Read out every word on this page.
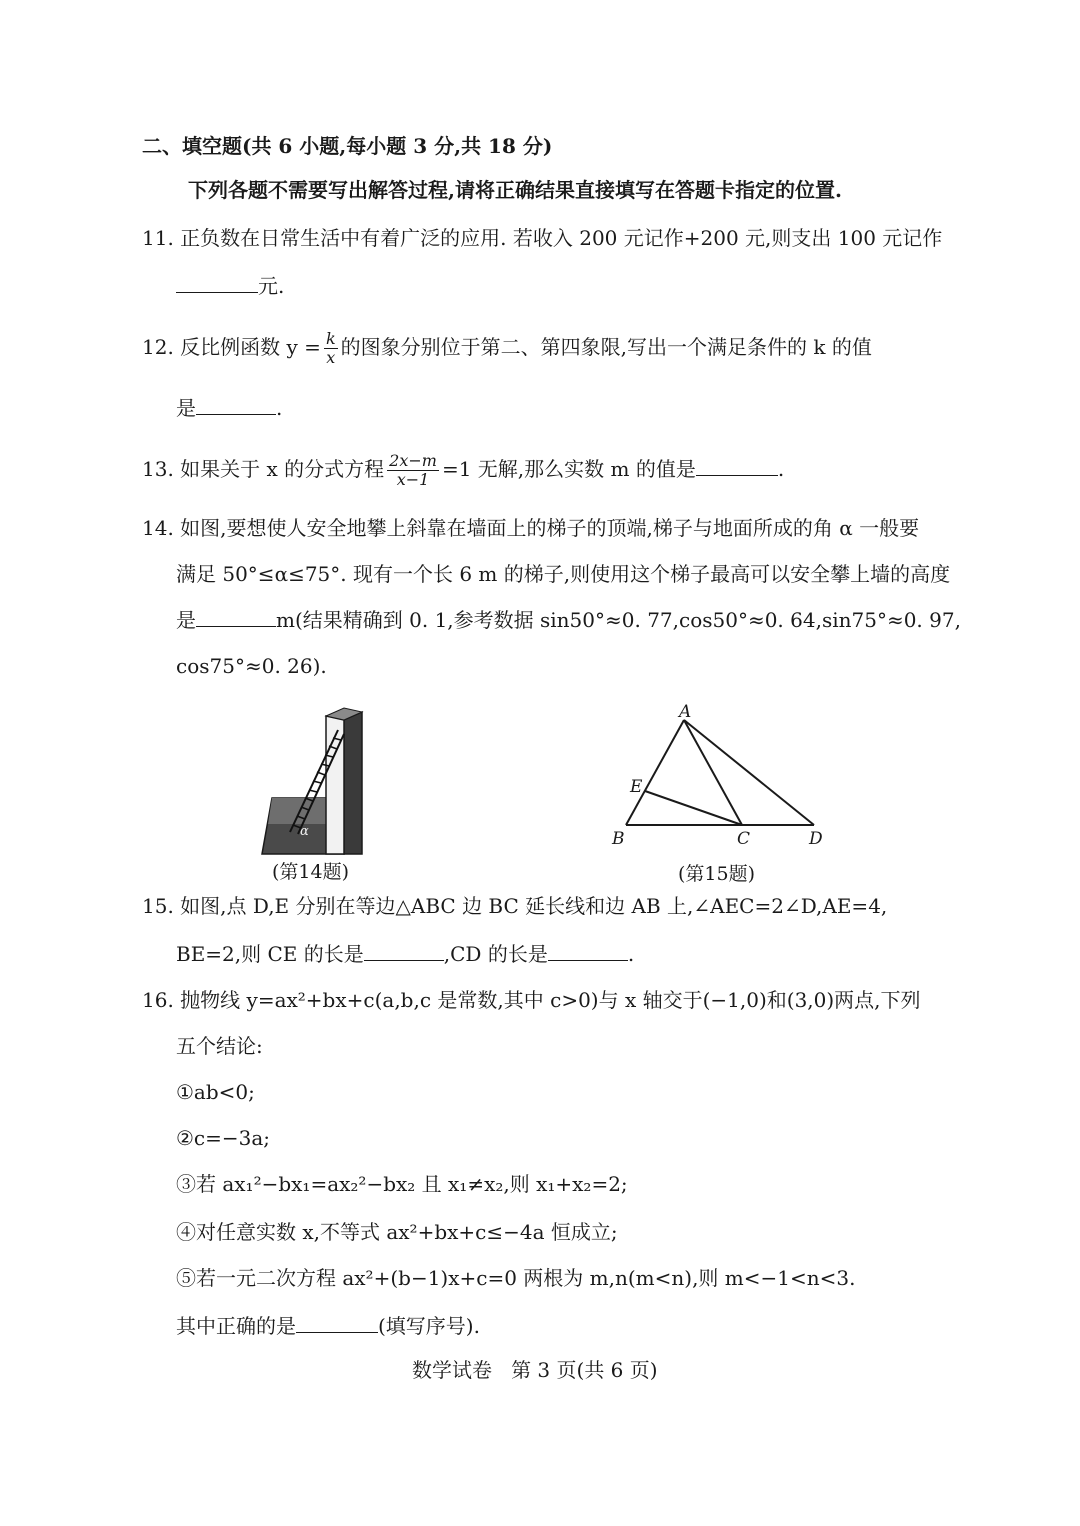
二、填空题(共 6 小题,每小题 3 分,共 18 分)
下列各题不需要写出解答过程,请将正确结果直接填写在答题卡指定的位置.
11. 正负数在日常生活中有着广泛的应用. 若收入 200 元记作+200 元,则支出 100 元记作
元.
12. 反比例函数 $y = \frac{k}{x}$ 的图象分别位于第二、第四象限,写出一个满足条件的 k 的值
是	.
13. 如果关于 x 的分式方程 $\frac{2x-m}{x-1} =1$ 无解,那么实数 m 的值是	.
14. 如图,要想使人安全地攀上斜靠在墙面上的梯子的顶端,梯子与地面所成的角 α 一般要
满足 50°≤α≤75°. 现有一个长 6 m 的梯子,则使用这个梯子最高可以安全攀上墙的高度
是	m(结果精确到 0. 1,参考数据 sin50°≈0. 77,cos50°≈0. 64,sin75°≈0. 97,
cos75°≈0. 26).
α
(第14题)
A
E
B	C	D
(第15题)
15. 如图,点 D,E 分别在等边△ABC 边 BC 延长线和边 AB 上,∠AEC=2∠D,AE=4,
BE=2,则 CE 的长是	,CD 的长是	.
16. 抛物线 y=ax²+bx+c(a,b,c 是常数,其中 c>0)与 x 轴交于(−1,0)和(3,0)两点,下列
五个结论:
①ab<0;
②c=−3a;
③若 ax₁²−bx₁=ax₂²−bx₂ 且 x₁≠x₂,则 x₁+x₂=2;
④对任意实数 x,不等式 ax²+bx+c≤−4a 恒成立;
⑤若一元二次方程 ax²+(b−1)x+c=0 两根为 m,n(m<n),则 m<−1<n<3.
其中正确的是	(填写序号).
数学试卷   第 3 页(共 6 页)
